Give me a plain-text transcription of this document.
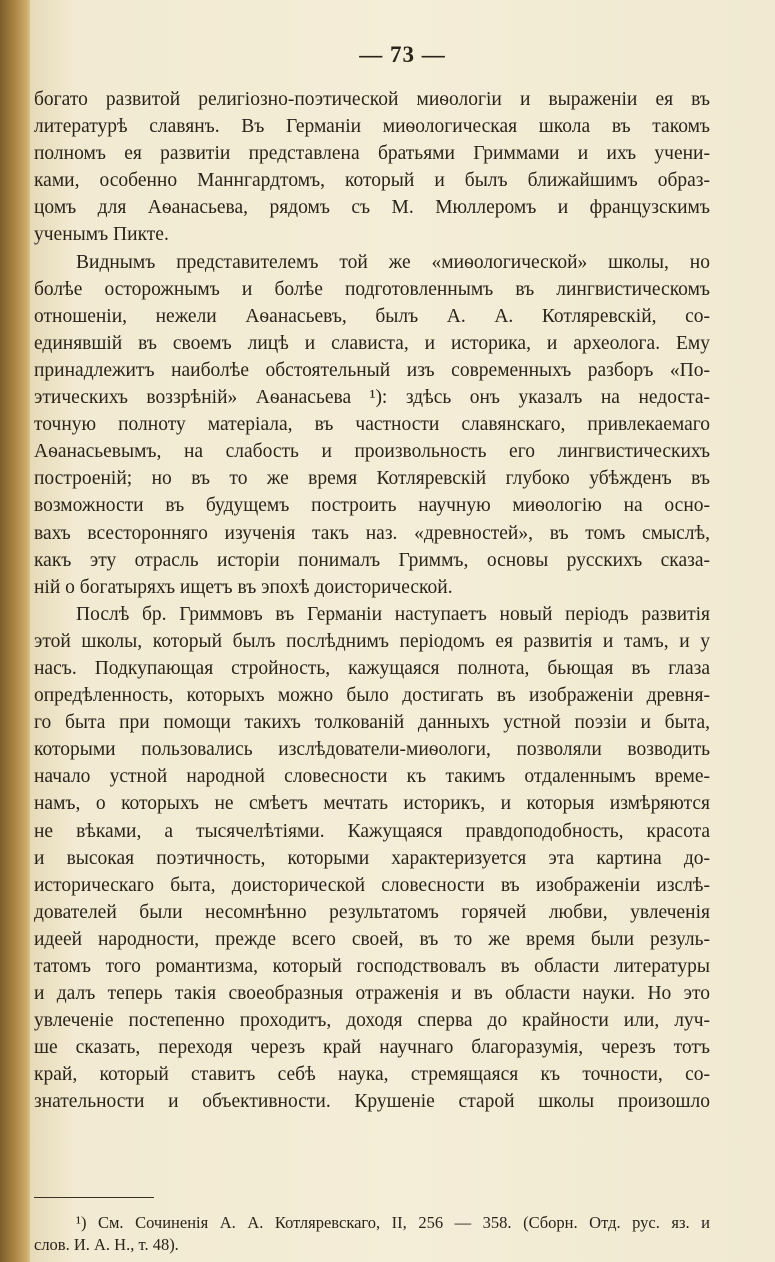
— 73 —

богато развитой религіозно-поэтической миѳологіи и выраженіи ея въ
литературѣ славянъ. Въ Германіи миѳологическая школа въ такомъ
полномъ ея развитіи представлена братьями Гриммами и ихъ учени-
ками, особенно Маннгардтомъ, который и былъ ближайшимъ образ-
цомъ для Аѳанасьева, рядомъ съ М. Мюллеромъ и французскимъ
ученымъ Пикте.

Виднымъ представителемъ той же «миѳологической» школы, но
болѣе осторожнымъ и болѣе подготовленнымъ въ лингвистическомъ
отношеніи, нежели Аѳанасьевъ, былъ А. А. Котляревскій, со-
единявшій въ своемъ лицѣ и слависта, и историка, и археолога. Ему
принадлежитъ наиболѣе обстоятельный изъ современныхъ разборъ «По-
этическихъ воззрѣній» Аѳанасьева ¹): здѣсь онъ указалъ на недоста-
точную полноту матеріала, въ частности славянскаго, привлекаемаго
Аѳанасьевымъ, на слабость и произвольность его лингвистическихъ
построеній; но въ то же время Котляревскій глубоко убѣжденъ въ
возможности въ будущемъ построить научную миѳологію на осно-
вахъ всесторонняго изученія такъ наз. «древностей», въ томъ смыслѣ,
какъ эту отрасль исторіи понималъ Гриммъ, основы русскихъ сказа-
ній о богатыряхъ ищетъ въ эпохѣ доисторической.

Послѣ бр. Гриммовъ въ Германіи наступаетъ новый періодъ развитія
этой школы, который былъ послѣднимъ періодомъ ея развитія и тамъ, и у
насъ. Подкупающая стройность, кажущаяся полнота, бьющая въ глаза
опредѣленность, которыхъ можно было достигать въ изображеніи древня-
го быта при помощи такихъ толкованій данныхъ устной поэзіи и быта,
которыми пользовались изслѣдователи-миѳологи, позволяли возводить
начало устной народной словесности къ такимъ отдаленнымъ време-
намъ, о которыхъ не смѣетъ мечтать историкъ, и которыя измѣряются
не вѣками, а тысячелѣтіями. Кажущаяся правдоподобность, красота
и высокая поэтичность, которыми характеризуется эта картина до-
историческаго быта, доисторической словесности въ изображеніи изслѣ-
дователей были несомнѣнно результатомъ горячей любви, увлеченія
идеей народности, прежде всего своей, въ то же время были резуль-
татомъ того романтизма, который господствовалъ въ области литературы
и далъ теперь такія своеобразныя отраженія и въ области науки. Но это
увлеченіе постепенно проходитъ, доходя сперва до крайности или, луч-
ше сказать, переходя черезъ край научнаго благоразумія, черезъ тотъ
край, который ставитъ себѣ наука, стремящаяся къ точности, со-
знательности и объективности. Крушеніе старой школы произошло

¹) См. Сочиненія А. А. Котляревскаго, II, 256 — 358. (Сборн. Отд. рус. яз. и
слов. И. А. Н., т. 48).
